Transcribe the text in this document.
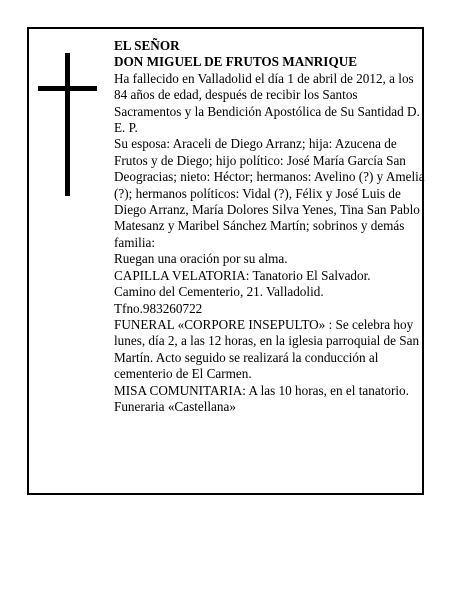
EL SEÑOR

DON MIGUEL DE FRUTOS MANRIQUE

Ha fallecido en Valladolid el día 1 de abril de 2012, a los 84 años de edad, después de recibir los Santos Sacramentos y la Bendición Apostólica de Su Santidad D. E. P.

Su esposa: Araceli de Diego Arranz; hija: Azucena de Frutos y de Diego; hijo político: José María García San Deogracias; nieto: Héctor; hermanos: Avelino (?) y Amelia (?); hermanos políticos: Vidal (?), Félix y José Luis de Diego Arranz, María Dolores Silva Yenes, Tina San Pablo Matesanz y Maribel Sánchez Martín; sobrinos y demás familia:

Ruegan una oración por su alma.

CAPILLA VELATORIA: Tanatorio El Salvador.

Camino del Cementerio, 21. Valladolid.

Tfno.983260722

FUNERAL «CORPORE INSEPULTO» : Se celebra hoy lunes, día 2, a las 12 horas, en la iglesia parroquial de San Martín. Acto seguido se realizará la conducción al cementerio de El Carmen.

MISA COMUNITARIA: A las 10 horas, en el tanatorio.

Funeraria «Castellana»
